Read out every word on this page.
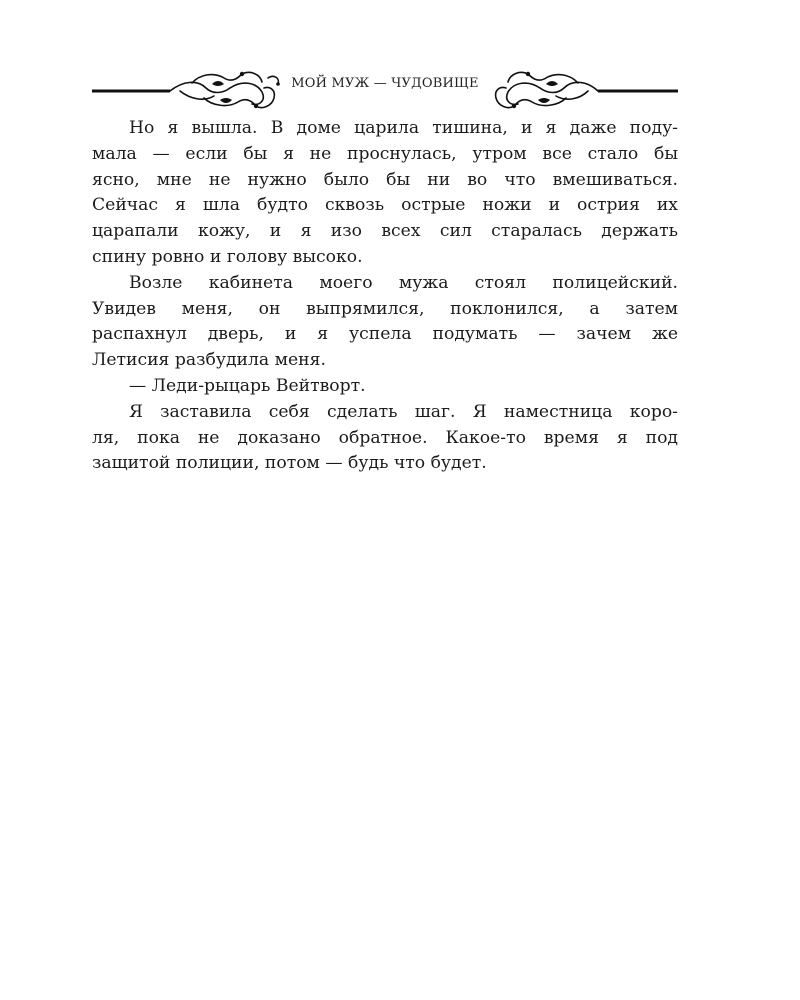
МОЙ МУЖ — ЧУДОВИЩЕ

Но я вышла. В доме царила тишина, и я даже поду-
мала — если бы я не проснулась, утром все стало бы
ясно, мне не нужно было бы ни во что вмешиваться.
Сейчас я шла будто сквозь острые ножи и острия их
царапали кожу, и я изо всех сил старалась держать
спину ровно и голову высоко.

Возле кабинета моего мужа стоял полицейский.
Увидев меня, он выпрямился, поклонился, а затем
распахнул дверь, и я успела подумать — зачем же
Летисия разбудила меня.

— Леди-рыцарь Вейтворт.

Я заставила себя сделать шаг. Я наместница коро-
ля, пока не доказано обратное. Какое-то время я под
защитой полиции, потом — будь что будет.
